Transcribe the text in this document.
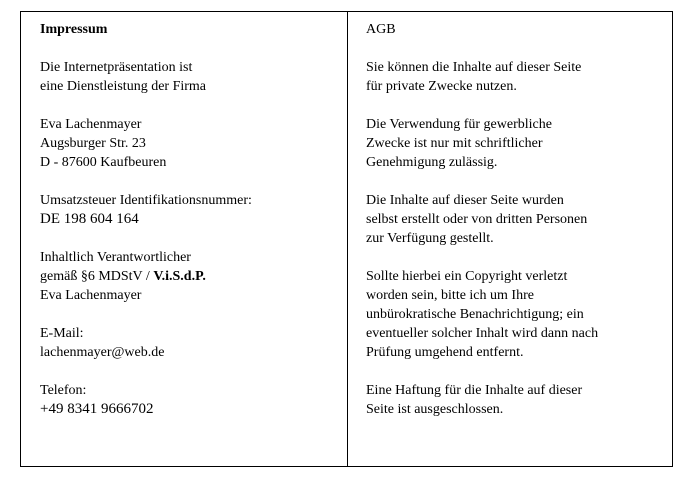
Impressum

Die Internetpräsentation ist
eine Dienstleistung der Firma

Eva Lachenmayer
Augsburger Str. 23
D - 87600 Kaufbeuren

Umsatzsteuer Identifikationsnummer:
DE 198 604 164

Inhaltlich Verantwortlicher
gemäß §6 MDStV / V.i.S.d.P.
Eva Lachenmayer

E-Mail:
lachenmayer@web.de

Telefon:
+49 8341 9666702

AGB

Sie können die Inhalte auf dieser Seite
für private Zwecke nutzen.

Die Verwendung für gewerbliche
Zwecke ist nur mit schriftlicher
Genehmigung zulässig.

Die Inhalte auf dieser Seite wurden
selbst erstellt oder von dritten Personen
zur Verfügung gestellt.

Sollte hierbei ein Copyright verletzt
worden sein, bitte ich um Ihre
unbürokratische Benachrichtigung; ein
eventueller solcher Inhalt wird dann nach
Prüfung umgehend entfernt.

Eine Haftung für die Inhalte auf dieser
Seite ist ausgeschlossen.
